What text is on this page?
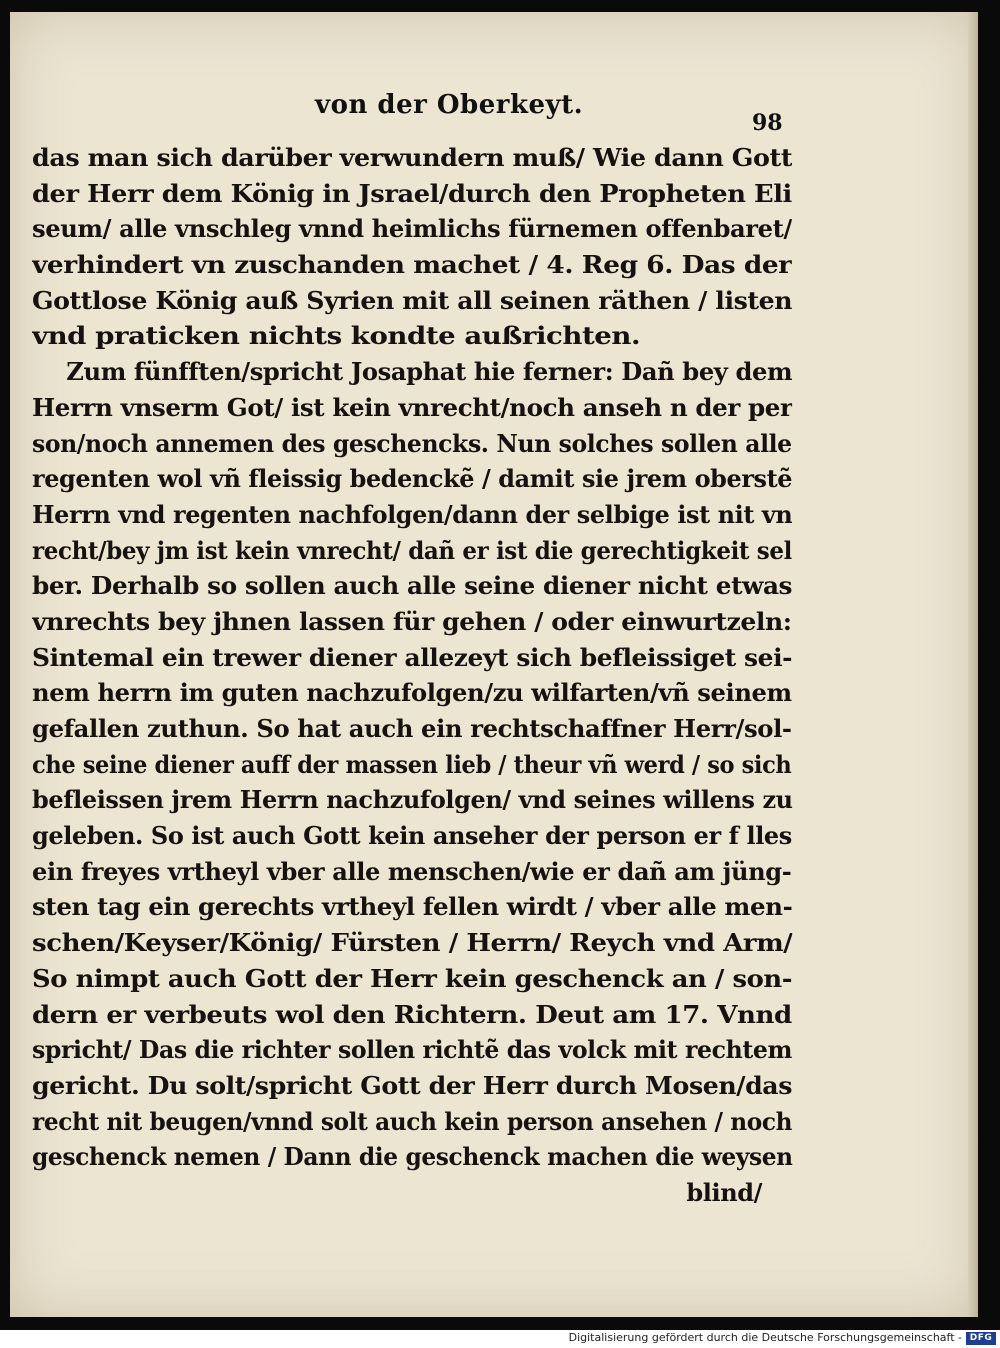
von der Oberkeyt.
98
das man sich darüber verwundern muß/ Wie dann Gott
der Herr dem König in Jsrael/durch den Propheten Eli
seum/ alle vnschleg vnnd heimlichs fürnemen offenbaret/
verhindert vn zuschanden machet / 4. Reg 6. Das der
Gottlose König auß Syrien mit all seinen räthen / listen
vnd praticken nichts kondte außrichten.
Zum fünfften/spricht Josaphat hie ferner: Dañ bey dem
Herrn vnserm Got/ ist kein vnrecht/noch anseh n der per
son/noch annemen des geschencks. Nun solches sollen alle
regenten wol vñ fleissig bedenckẽ / damit sie jrem oberstẽ
Herrn vnd regenten nachfolgen/dann der selbige ist nit vn
recht/bey jm ist kein vnrecht/ dañ er ist die gerechtigkeit sel
ber. Derhalb so sollen auch alle seine diener nicht etwas
vnrechts bey jhnen lassen für gehen / oder einwurtzeln:
Sintemal ein trewer diener allezeyt sich befleissiget sei-
nem herrn im guten nachzufolgen/zu wilfarten/vñ seinem
gefallen zuthun. So hat auch ein rechtschaffner Herr/sol-
che seine diener auff der massen lieb / theur vñ werd / so sich
befleissen jrem Herrn nachzufolgen/ vnd seines willens zu
geleben. So ist auch Gott kein anseher der person er f lles
ein freyes vrtheyl vber alle menschen/wie er dañ am jüng-
sten tag ein gerechts vrtheyl fellen wirdt / vber alle men-
schen/Keyser/König/ Fürsten / Herrn/ Reych vnd Arm/
So nimpt auch Gott der Herr kein geschenck an / son-
dern er verbeuts wol den Richtern. Deut am 17. Vnnd
spricht/ Das die richter sollen richtẽ das volck mit rechtem
gericht. Du solt/spricht Gott der Herr durch Mosen/das
recht nit beugen/vnnd solt auch kein person ansehen / noch
geschenck nemen / Dann die geschenck machen die weysen
blind/
Digitalisierung gefördert durch die Deutsche Forschungsgemeinschaft - DFG
